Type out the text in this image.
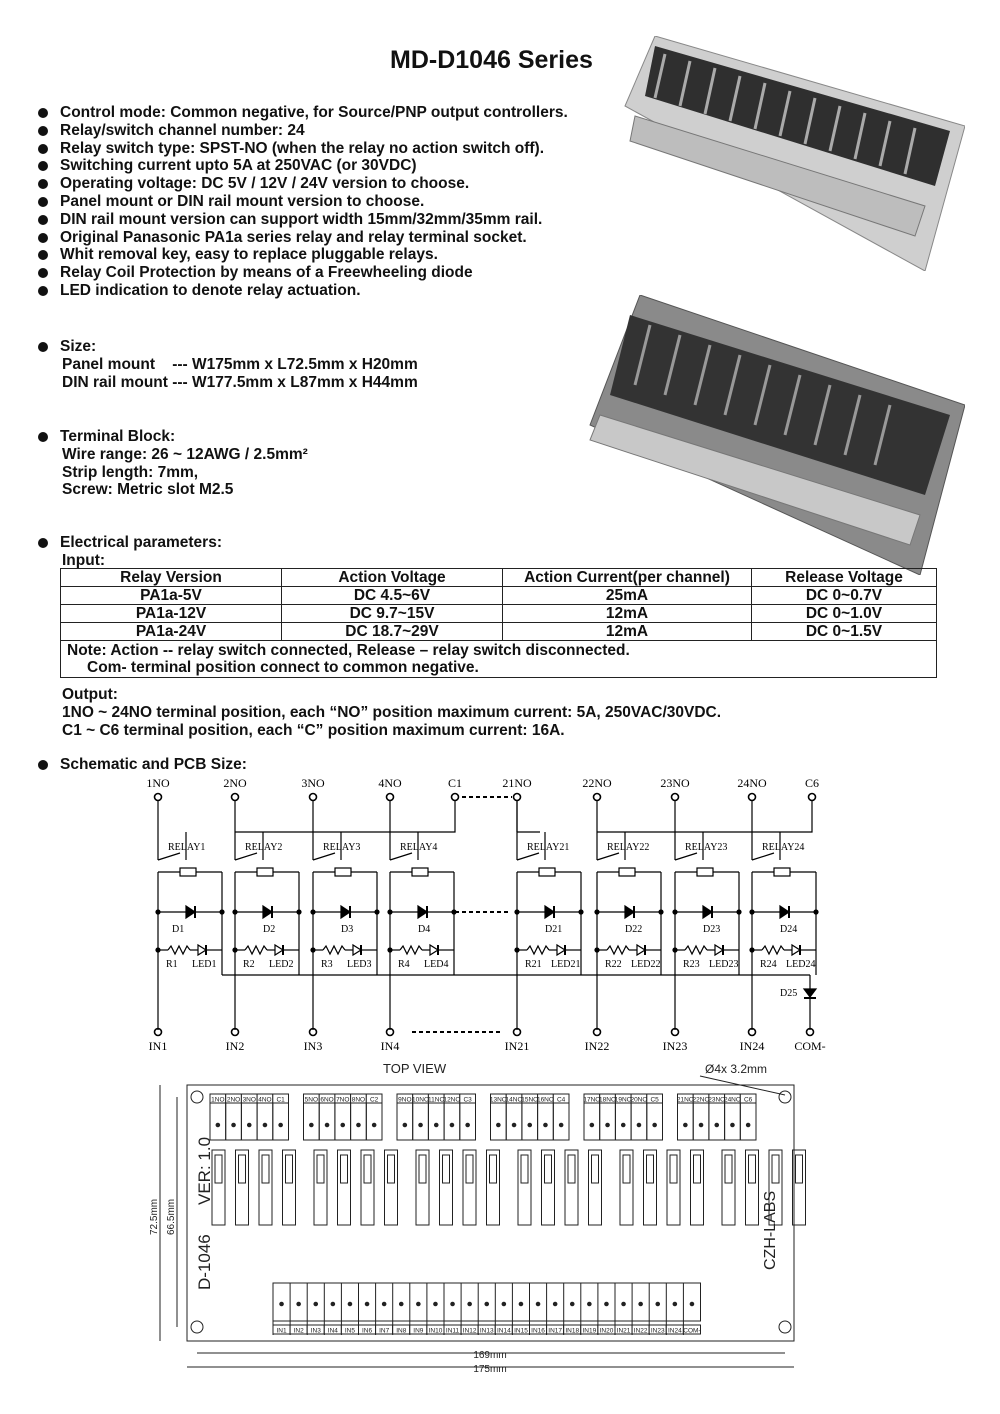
MD-D1046 Series
Control mode: Common negative, for Source/PNP output controllers.
Relay/switch channel number: 24
Relay switch type: SPST-NO (when the relay no action switch off).
Switching current upto 5A at 250VAC (or 30VDC)
Operating voltage: DC 5V / 12V / 24V version to choose.
Panel mount or DIN rail mount version to choose.
DIN rail mount version can support width 15mm/32mm/35mm rail.
Original Panasonic PA1a series relay and relay terminal socket.
Whit removal key, easy to replace pluggable relays.
Relay Coil Protection by means of a Freewheeling diode
LED indication to denote relay actuation.
Size:
Panel mount    --- W175mm x L72.5mm x H20mm
DIN rail mount --- W177.5mm x L87mm x H44mm
Terminal Block:
Wire range: 26 ~ 12AWG / 2.5mm²
Strip length: 7mm,
Screw: Metric slot M2.5
Electrical parameters:
Input:
Relay Version	Action Voltage	Action Current(per channel)	Release Voltage
PA1a-5V	DC 4.5~6V	25mA	DC 0~0.7V
PA1a-12V	DC 9.7~15V	12mA	DC 0~1.0V
PA1a-24V	DC 18.7~29V	12mA	DC 0~1.5V

Note: Action -- relay switch connected, Release – relay switch disconnected.
Com- terminal position connect to common negative.			
Output:
1NO ~ 24NO terminal position, each “NO” position maximum current: 5A, 250VAC/30VDC.
C1 ~ C6 terminal position, each “C” position maximum current: 16A.
Schematic and PCB Size:
1NO	2NO	3NO	4NO	C1	21NO	22NO	23NO	24NO	C6
RELAY1
D1
R1 LED1
IN1
RELAY2
D2
R2 LED2
IN2
RELAY3
D3
R3 LED3
IN3
RELAY4
D4
R4 LED4
IN4
RELAY21
D21
R21 LED21
IN21
RELAY22
D22
R22 LED22
IN22
RELAY23
D23
R23 LED23
IN23
RELAY24
D24
R24 LED24
IN24
D25
COM-
TOP VIEW	Ø4x 3.2mm
1NO 2NO 3NO 4NO C1	5NO 6NO 7NO 8NO C2	9NO 10NO
11NO
12NO C3	13NO
14NO
15NO
16NO C4	17NO
18NO
19NO
20NO C5	21NO
22NO
23NO
24NO C6
D-1046
VER: 1.0
CZH-LABS
IN1 IN2 IN3 IN4 IN5 IN6 IN7 IN8 IN9 IN10 IN11 IN12 IN13 IN14 IN15 IN16 IN17 IN18 IN19 IN20 IN21 IN22 IN23 IN24 COM-
72.5mm 66.5mm
169mm
175mm
